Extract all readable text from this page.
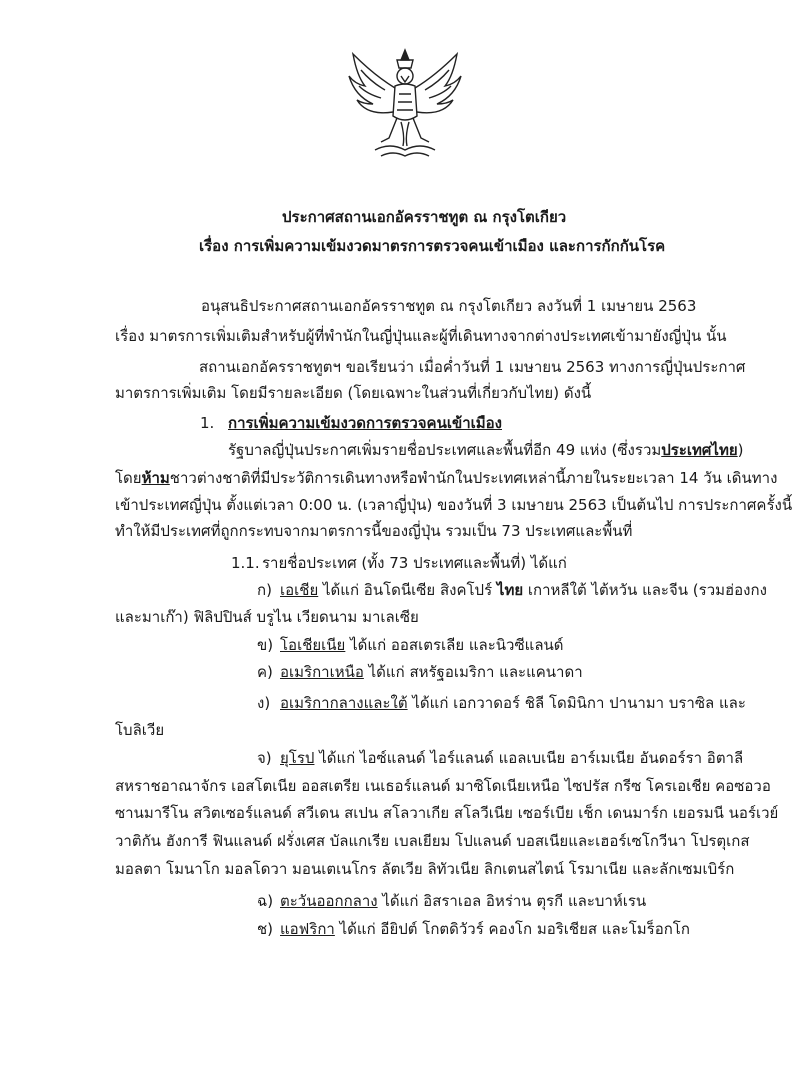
ประกาศสถานเอกอัครราชทูต ณ กรุงโตเกียว
เรื่อง การเพิ่มความเข้มงวดมาตรการตรวจคนเข้าเมือง และการกักกันโรค
อนุสนธิประกาศสถานเอกอัครราชทูต ณ กรุงโตเกียว ลงวันที่ 1 เมษายน 2563
เรื่อง มาตรการเพิ่มเติมสำหรับผู้ที่พำนักในญี่ปุ่นและผู้ที่เดินทางจากต่างประเทศเข้ามายังญี่ปุ่น นั้น
สถานเอกอัครราชทูตฯ ขอเรียนว่า เมื่อค่ำวันที่ 1 เมษายน 2563 ทางการญี่ปุ่นประกาศ
มาตรการเพิ่มเติม โดยมีรายละเอียด (โดยเฉพาะในส่วนที่เกี่ยวกับไทย) ดังนี้
1. การเพิ่มความเข้มงวดการตรวจคนเข้าเมือง
รัฐบาลญี่ปุ่นประกาศเพิ่มรายชื่อประเทศและพื้นที่อีก 49 แห่ง (ซึ่งรวมประเทศไทย)
โดยห้ามชาวต่างชาติที่มีประวัติการเดินทางหรือพำนักในประเทศเหล่านี้ภายในระยะเวลา 14 วัน เดินทาง
เข้าประเทศญี่ปุ่น ตั้งแต่เวลา 0:00 น. (เวลาญี่ปุ่น) ของวันที่ 3 เมษายน 2563 เป็นต้นไป การประกาศครั้งนี้
ทำให้มีประเทศที่ถูกกระทบจากมาตรการนี้ของญี่ปุ่น รวมเป็น 73 ประเทศและพื้นที่
1.1. รายชื่อประเทศ (ทั้ง 73 ประเทศและพื้นที่) ได้แก่
ก) เอเชีย ได้แก่ อินโดนีเซีย สิงคโปร์ ไทย เกาหลีใต้ ไต้หวัน และจีน (รวมฮ่องกง
และมาเก๊า) ฟิลิปปินส์ บรูไน เวียดนาม มาเลเซีย
ข) โอเชียเนีย ได้แก่ ออสเตรเลีย และนิวซีแลนด์
ค) อเมริกาเหนือ ได้แก่ สหรัฐอเมริกา และแคนาดา
ง) อเมริกากลางและใต้ ได้แก่ เอกวาดอร์ ชิลี โดมินิกา ปานามา บราซิล และ
โบลิเวีย
จ) ยุโรป ได้แก่ ไอซ์แลนด์ ไอร์แลนด์ แอลเบเนีย อาร์เมเนีย อันดอร์รา อิตาลี
สหราชอาณาจักร เอสโตเนีย ออสเตรีย เนเธอร์แลนด์ มาซิโดเนียเหนือ ไซปรัส กรีซ โครเอเชีย คอซอวอ
ซานมารีโน สวิตเซอร์แลนด์ สวีเดน สเปน สโลวาเกีย สโลวีเนีย เซอร์เบีย เช็ก เดนมาร์ก เยอรมนี นอร์เวย์
วาติกัน ฮังการี ฟินแลนด์ ฝรั่งเศส บัลแกเรีย เบลเยียม โปแลนด์ บอสเนียและเฮอร์เซโกวีนา โปรตุเกส
มอลตา โมนาโก มอลโดวา มอนเตเนโกร ลัตเวีย ลิทัวเนีย ลิกเตนสไตน์ โรมาเนีย และลักเซมเบิร์ก
ฉ) ตะวันออกกลาง ได้แก่ อิสราเอล อิหร่าน ตุรกี และบาห์เรน
ช) แอฟริกา ได้แก่ อียิปต์ โกตดิวัวร์ คองโก มอริเชียส และโมร็อกโก
